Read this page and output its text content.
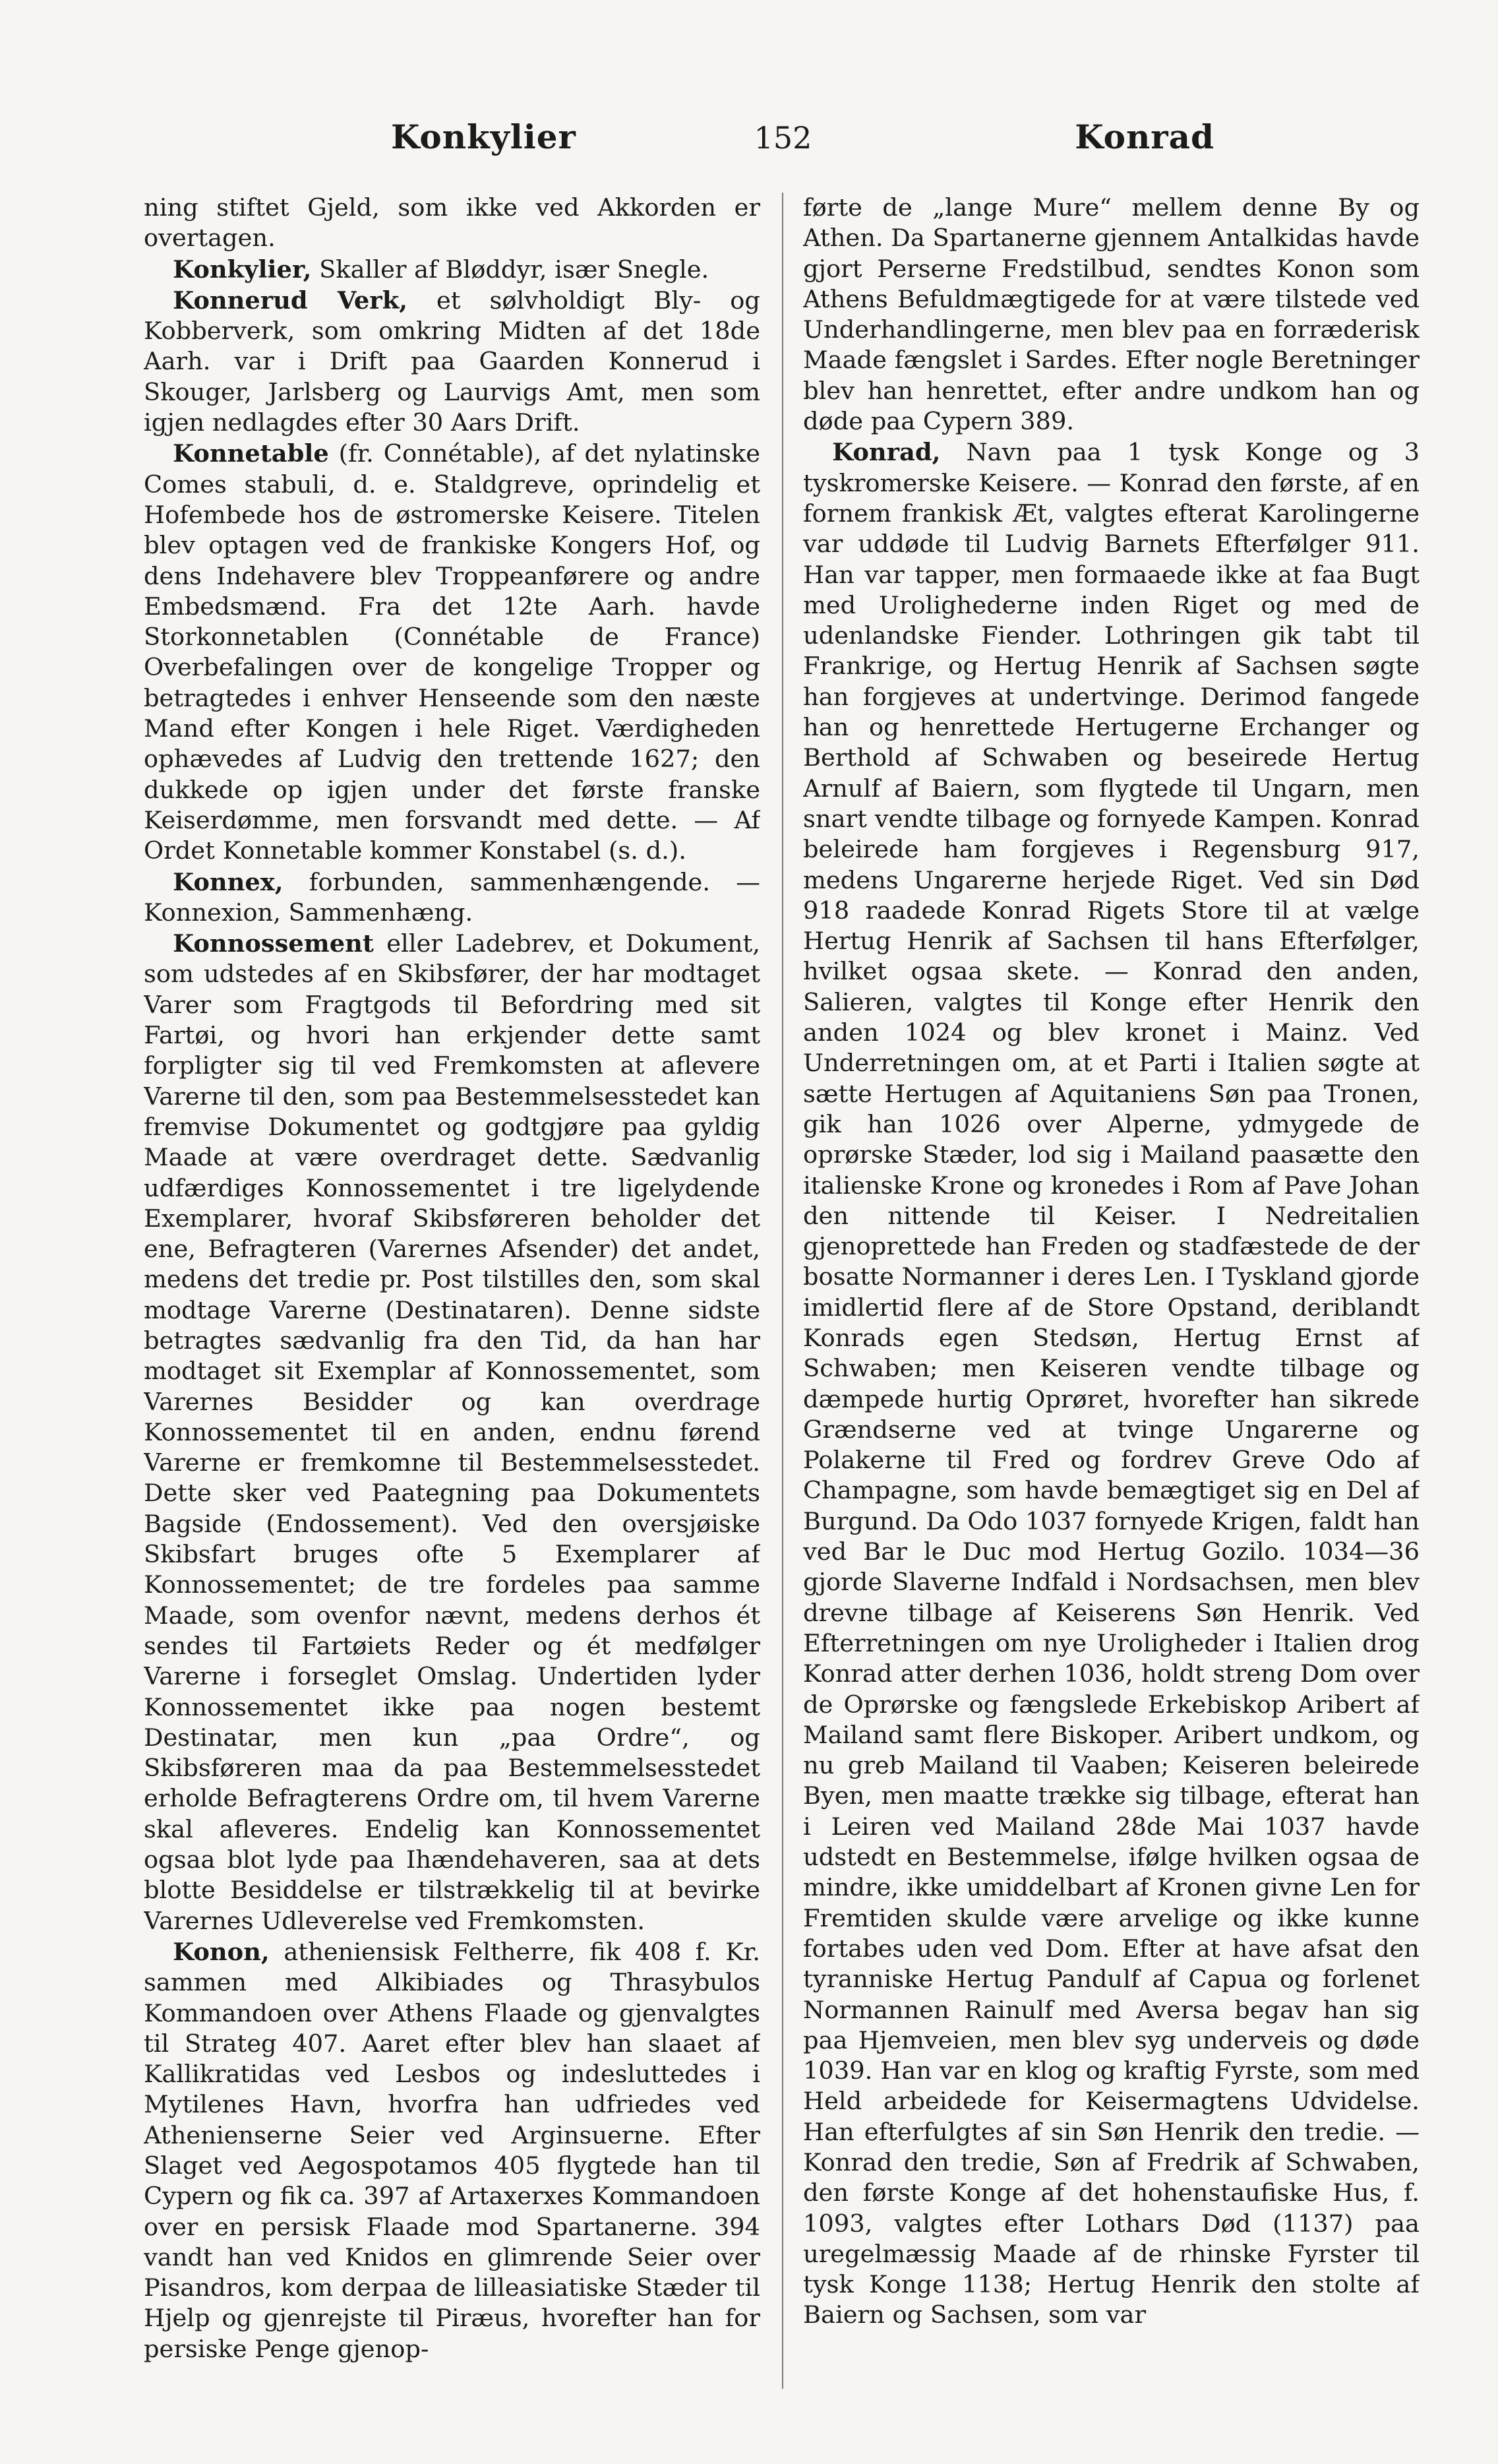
Konkylier	152	Konrad

ning stiftet Gjeld, som ikke ved Akkorden er overtagen.

Konkylier, Skaller af Bløddyr, især Snegle.

Konnerud Verk, et sølvholdigt Bly- og Kobberverk, som omkring Midten af det 18de Aarh. var i Drift paa Gaarden Konnerud i Skouger, Jarlsberg og Laurvigs Amt, men som igjen nedlagdes efter 30 Aars Drift.

Konnetable (fr. Connétable), af det nylatinske Comes stabuli, d. e. Staldgreve, oprindelig et Hofembede hos de østromerske Keisere. Titelen blev optagen ved de frankiske Kongers Hof, og dens Indehavere blev Troppeanførere og andre Embedsmænd. Fra det 12te Aarh. havde Storkonnetablen (Connétable de France) Overbefalingen over de kongelige Tropper og betragtedes i enhver Henseende som den næste Mand efter Kongen i hele Riget. Værdigheden ophævedes af Ludvig den trettende 1627; den dukkede op igjen under det første franske Keiserdømme, men forsvandt med dette. — Af Ordet Konnetable kommer Konstabel (s. d.).

Konnex, forbunden, sammenhængende. — Konnexion, Sammenhæng.

Konnossement eller Ladebrev, et Dokument, som udstedes af en Skibsfører, der har modtaget Varer som Fragtgods til Befordring med sit Fartøi, og hvori han erkjender dette samt forpligter sig til ved Fremkomsten at aflevere Varerne til den, som paa Bestemmelsesstedet kan fremvise Dokumentet og godtgjøre paa gyldig Maade at være overdraget dette. Sædvanlig udfærdiges Konnossementet i tre ligelydende Exemplarer, hvoraf Skibsføreren beholder det ene, Befragteren (Varernes Afsender) det andet, medens det tredie pr. Post tilstilles den, som skal modtage Varerne (Destinataren). Denne sidste betragtes sædvanlig fra den Tid, da han har modtaget sit Exemplar af Konnossementet, som Varernes Besidder og kan overdrage Konnossementet til en anden, endnu førend Varerne er fremkomne til Bestemmelsesstedet. Dette sker ved Paategning paa Dokumentets Bagside (Endossement). Ved den oversjøiske Skibsfart bruges ofte 5 Exemplarer af Konnossementet; de tre fordeles paa samme Maade, som ovenfor nævnt, medens derhos ét sendes til Fartøiets Reder og ét medfølger Varerne i forseglet Omslag. Undertiden lyder Konnossementet ikke paa nogen bestemt Destinatar, men kun „paa Ordre“, og Skibsføreren maa da paa Bestemmelsesstedet erholde Befragterens Ordre om, til hvem Varerne skal afleveres. Endelig kan Konnossementet ogsaa blot lyde paa Ihændehaveren, saa at dets blotte Besiddelse er tilstrækkelig til at bevirke Varernes Udleverelse ved Fremkomsten.

Konon, atheniensisk Feltherre, fik 408 f. Kr. sammen med Alkibiades og Thrasybulos Kommandoen over Athens Flaade og gjenvalgtes til Strateg 407. Aaret efter blev han slaaet af Kallikratidas ved Lesbos og indesluttedes i Mytilenes Havn, hvorfra han udfriedes ved Athenienserne Seier ved Arginsuerne. Efter Slaget ved Aegospotamos 405 flygtede han til Cypern og fik ca. 397 af Artaxerxes Kommandoen over en persisk Flaade mod Spartanerne. 394 vandt han ved Knidos en glimrende Seier over Pisandros, kom derpaa de lilleasiatiske Stæder til Hjelp og gjenrejste til Piræus, hvorefter han for persiske Penge gjenop-

førte de „lange Mure“ mellem denne By og Athen. Da Spartanerne gjennem Antalkidas havde gjort Perserne Fredstilbud, sendtes Konon som Athens Befuldmægtigede for at være tilstede ved Underhandlingerne, men blev paa en forræderisk Maade fængslet i Sardes. Efter nogle Beretninger blev han henrettet, efter andre undkom han og døde paa Cypern 389.

Konrad, Navn paa 1 tysk Konge og 3 tyskromerske Keisere. — Konrad den første, af en fornem frankisk Æt, valgtes efterat Karolingerne var uddøde til Ludvig Barnets Efterfølger 911. Han var tapper, men formaaede ikke at faa Bugt med Urolighederne inden Riget og med de udenlandske Fiender. Lothringen gik tabt til Frankrige, og Hertug Henrik af Sachsen søgte han forgjeves at undertvinge. Derimod fangede han og henrettede Hertugerne Erchanger og Berthold af Schwaben og beseirede Hertug Arnulf af Baiern, som flygtede til Ungarn, men snart vendte tilbage og fornyede Kampen. Konrad beleirede ham forgjeves i Regensburg 917, medens Ungarerne herjede Riget. Ved sin Død 918 raadede Konrad Rigets Store til at vælge Hertug Henrik af Sachsen til hans Efterfølger, hvilket ogsaa skete. — Konrad den anden, Salieren, valgtes til Konge efter Henrik den anden 1024 og blev kronet i Mainz. Ved Underretningen om, at et Parti i Italien søgte at sætte Hertugen af Aquitaniens Søn paa Tronen, gik han 1026 over Alperne, ydmygede de oprørske Stæder, lod sig i Mailand paasætte den italienske Krone og kronedes i Rom af Pave Johan den nittende til Keiser. I Nedreitalien gjenoprettede han Freden og stadfæstede de der bosatte Normanner i deres Len. I Tyskland gjorde imidlertid flere af de Store Opstand, deriblandt Konrads egen Stedsøn, Hertug Ernst af Schwaben; men Keiseren vendte tilbage og dæmpede hurtig Oprøret, hvorefter han sikrede Grændserne ved at tvinge Ungarerne og Polakerne til Fred og fordrev Greve Odo af Champagne, som havde bemægtiget sig en Del af Burgund. Da Odo 1037 fornyede Krigen, faldt han ved Bar le Duc mod Hertug Gozilo. 1034—36 gjorde Slaverne Indfald i Nordsachsen, men blev drevne tilbage af Keiserens Søn Henrik. Ved Efterretningen om nye Uroligheder i Italien drog Konrad atter derhen 1036, holdt streng Dom over de Oprørske og fængslede Erkebiskop Aribert af Mailand samt flere Biskoper. Aribert undkom, og nu greb Mailand til Vaaben; Keiseren beleirede Byen, men maatte trække sig tilbage, efterat han i Leiren ved Mailand 28de Mai 1037 havde udstedt en Bestemmelse, ifølge hvilken ogsaa de mindre, ikke umiddelbart af Kronen givne Len for Fremtiden skulde være arvelige og ikke kunne fortabes uden ved Dom. Efter at have afsat den tyranniske Hertug Pandulf af Capua og forlenet Normannen Rainulf med Aversa begav han sig paa Hjemveien, men blev syg underveis og døde 1039. Han var en klog og kraftig Fyrste, som med Held arbeidede for Keisermagtens Udvidelse. Han efterfulgtes af sin Søn Henrik den tredie. — Konrad den tredie, Søn af Fredrik af Schwaben, den første Konge af det hohenstaufiske Hus, f. 1093, valgtes efter Lothars Død (1137) paa uregelmæssig Maade af de rhinske Fyrster til tysk Konge 1138; Hertug Henrik den stolte af Baiern og Sachsen, som var
